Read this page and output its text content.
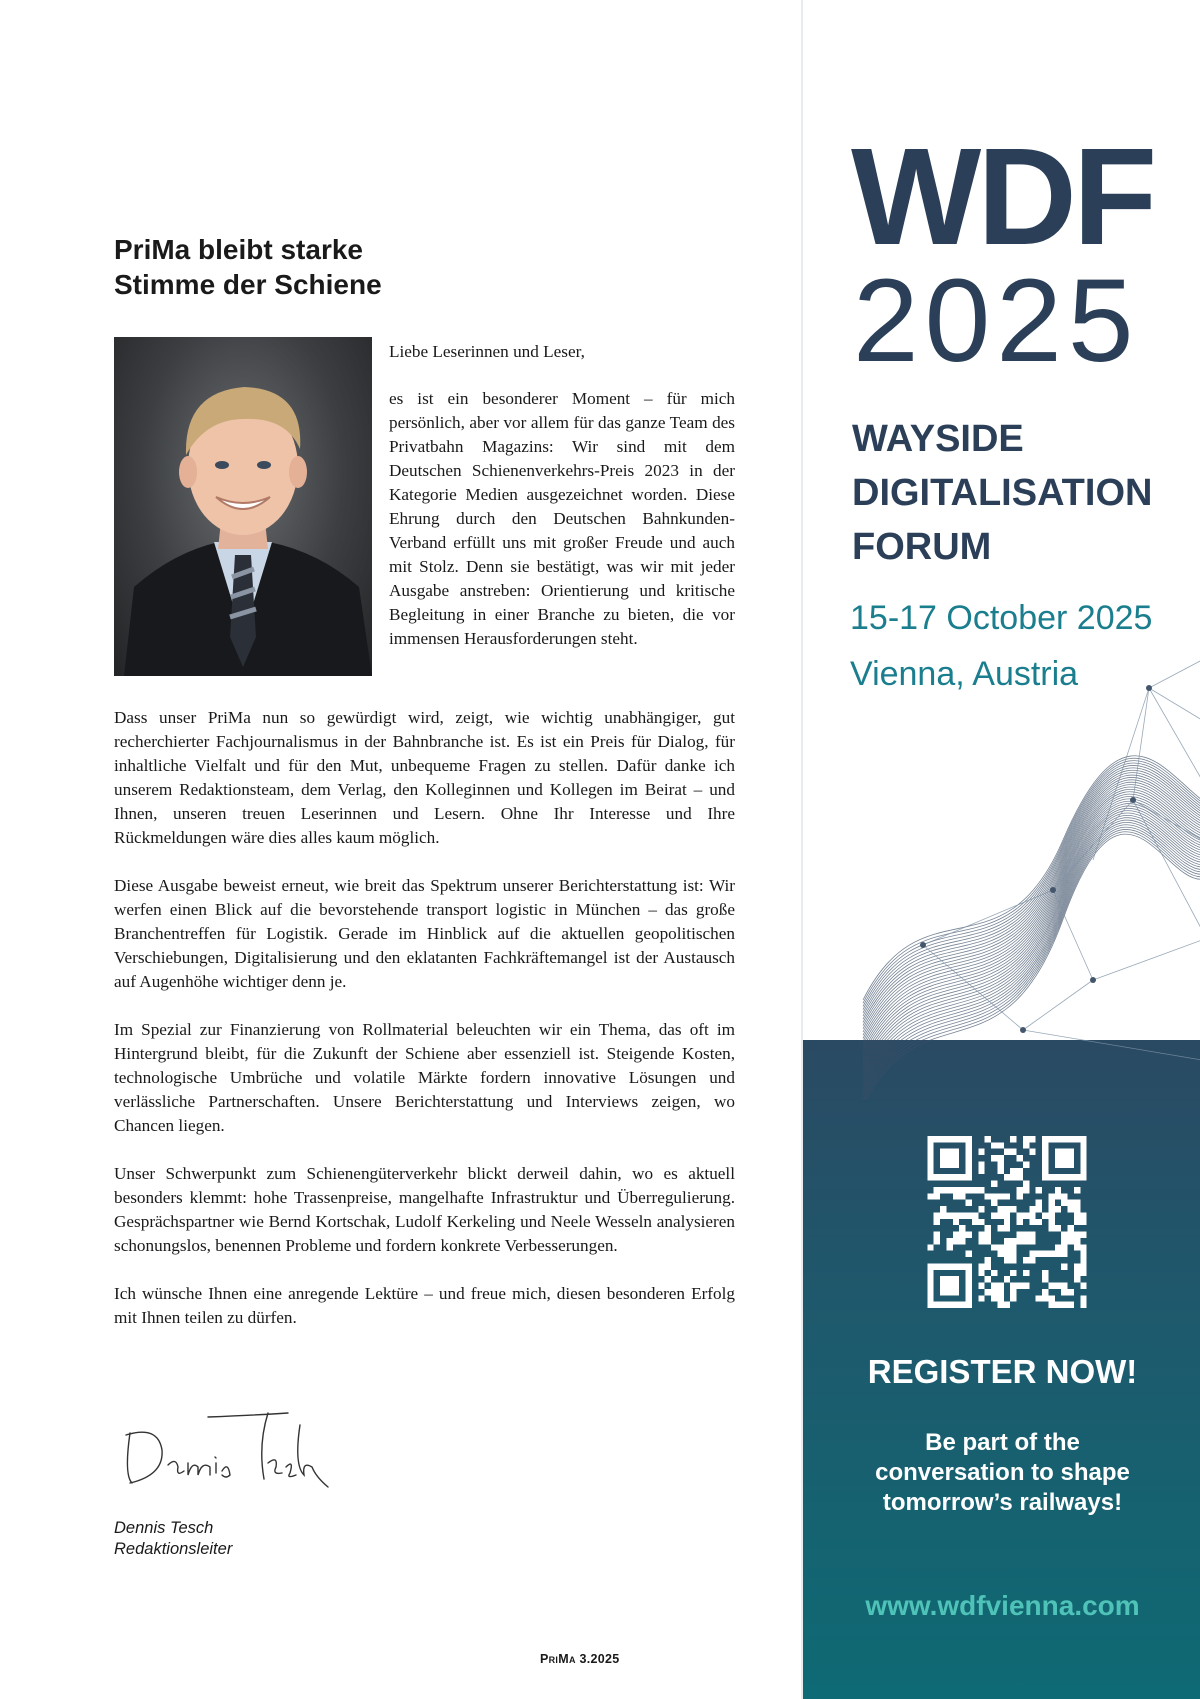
PriMa bleibt starke
Stimme der Schiene

Liebe Leserinnen und Leser,

es ist ein besonderer Moment – für mich persönlich, aber vor allem für das ganze Team des Privatbahn Magazins: Wir sind mit dem Deutschen Schienenverkehrs-Preis 2023 in der Kategorie Medien ausgezeichnet worden. Diese Ehrung durch den Deutschen Bahnkunden-Verband erfüllt uns mit großer Freude und auch mit Stolz. Denn sie bestätigt, was wir mit jeder Ausgabe anstreben: Orientierung und kritische Begleitung in einer Branche zu bieten, die vor immensen Herausforderungen steht.

Dass unser PriMa nun so gewürdigt wird, zeigt, wie wichtig unabhängiger, gut recherchierter Fachjournalismus in der Bahnbranche ist. Es ist ein Preis für Dialog, für inhaltliche Vielfalt und für den Mut, unbequeme Fragen zu stellen. Dafür danke ich unserem Redaktionsteam, dem Verlag, den Kolleginnen und Kollegen im Beirat – und Ihnen, unseren treuen Leserinnen und Lesern. Ohne Ihr Interesse und Ihre Rückmeldungen wäre dies alles kaum möglich.

Diese Ausgabe beweist erneut, wie breit das Spektrum unserer Berichterstattung ist: Wir werfen einen Blick auf die bevorstehende transport logistic in München – das große Branchentreffen für Logistik. Gerade im Hinblick auf die aktuellen geopolitischen Verschiebungen, Digitalisierung und den eklatanten Fachkräftemangel ist der Austausch auf Augenhöhe wichtiger denn je.

Im Spezial zur Finanzierung von Rollmaterial beleuchten wir ein Thema, das oft im Hintergrund bleibt, für die Zukunft der Schiene aber essenziell ist. Steigende Kosten, technologische Umbrüche und volatile Märkte fordern innovative Lösungen und verlässliche Partnerschaften. Unsere Berichterstattung und Interviews zeigen, wo Chancen liegen.

Unser Schwerpunkt zum Schienengüterverkehr blickt derweil dahin, wo es aktuell besonders klemmt: hohe Trassenpreise, mangelhafte Infrastruktur und Überregulierung. Gesprächspartner wie Bernd Kortschak, Ludolf Kerkeling und Neele Wesseln analysieren schonungslos, benennen Probleme und fordern konkrete Verbesserungen.

Ich wünsche Ihnen eine anregende Lektüre – und freue mich, diesen besonderen Erfolg mit Ihnen teilen zu dürfen.

Dennis Tesch
Redaktionsleiter
PriMa 3.2025
WDF
2025
WAYSIDE
DIGITALISATION
FORUM
15-17 October 2025
Vienna, Austria
REGISTER NOW!
Be part of the
conversation to shape
tomorrow’s railways!
www.wdfvienna.com
